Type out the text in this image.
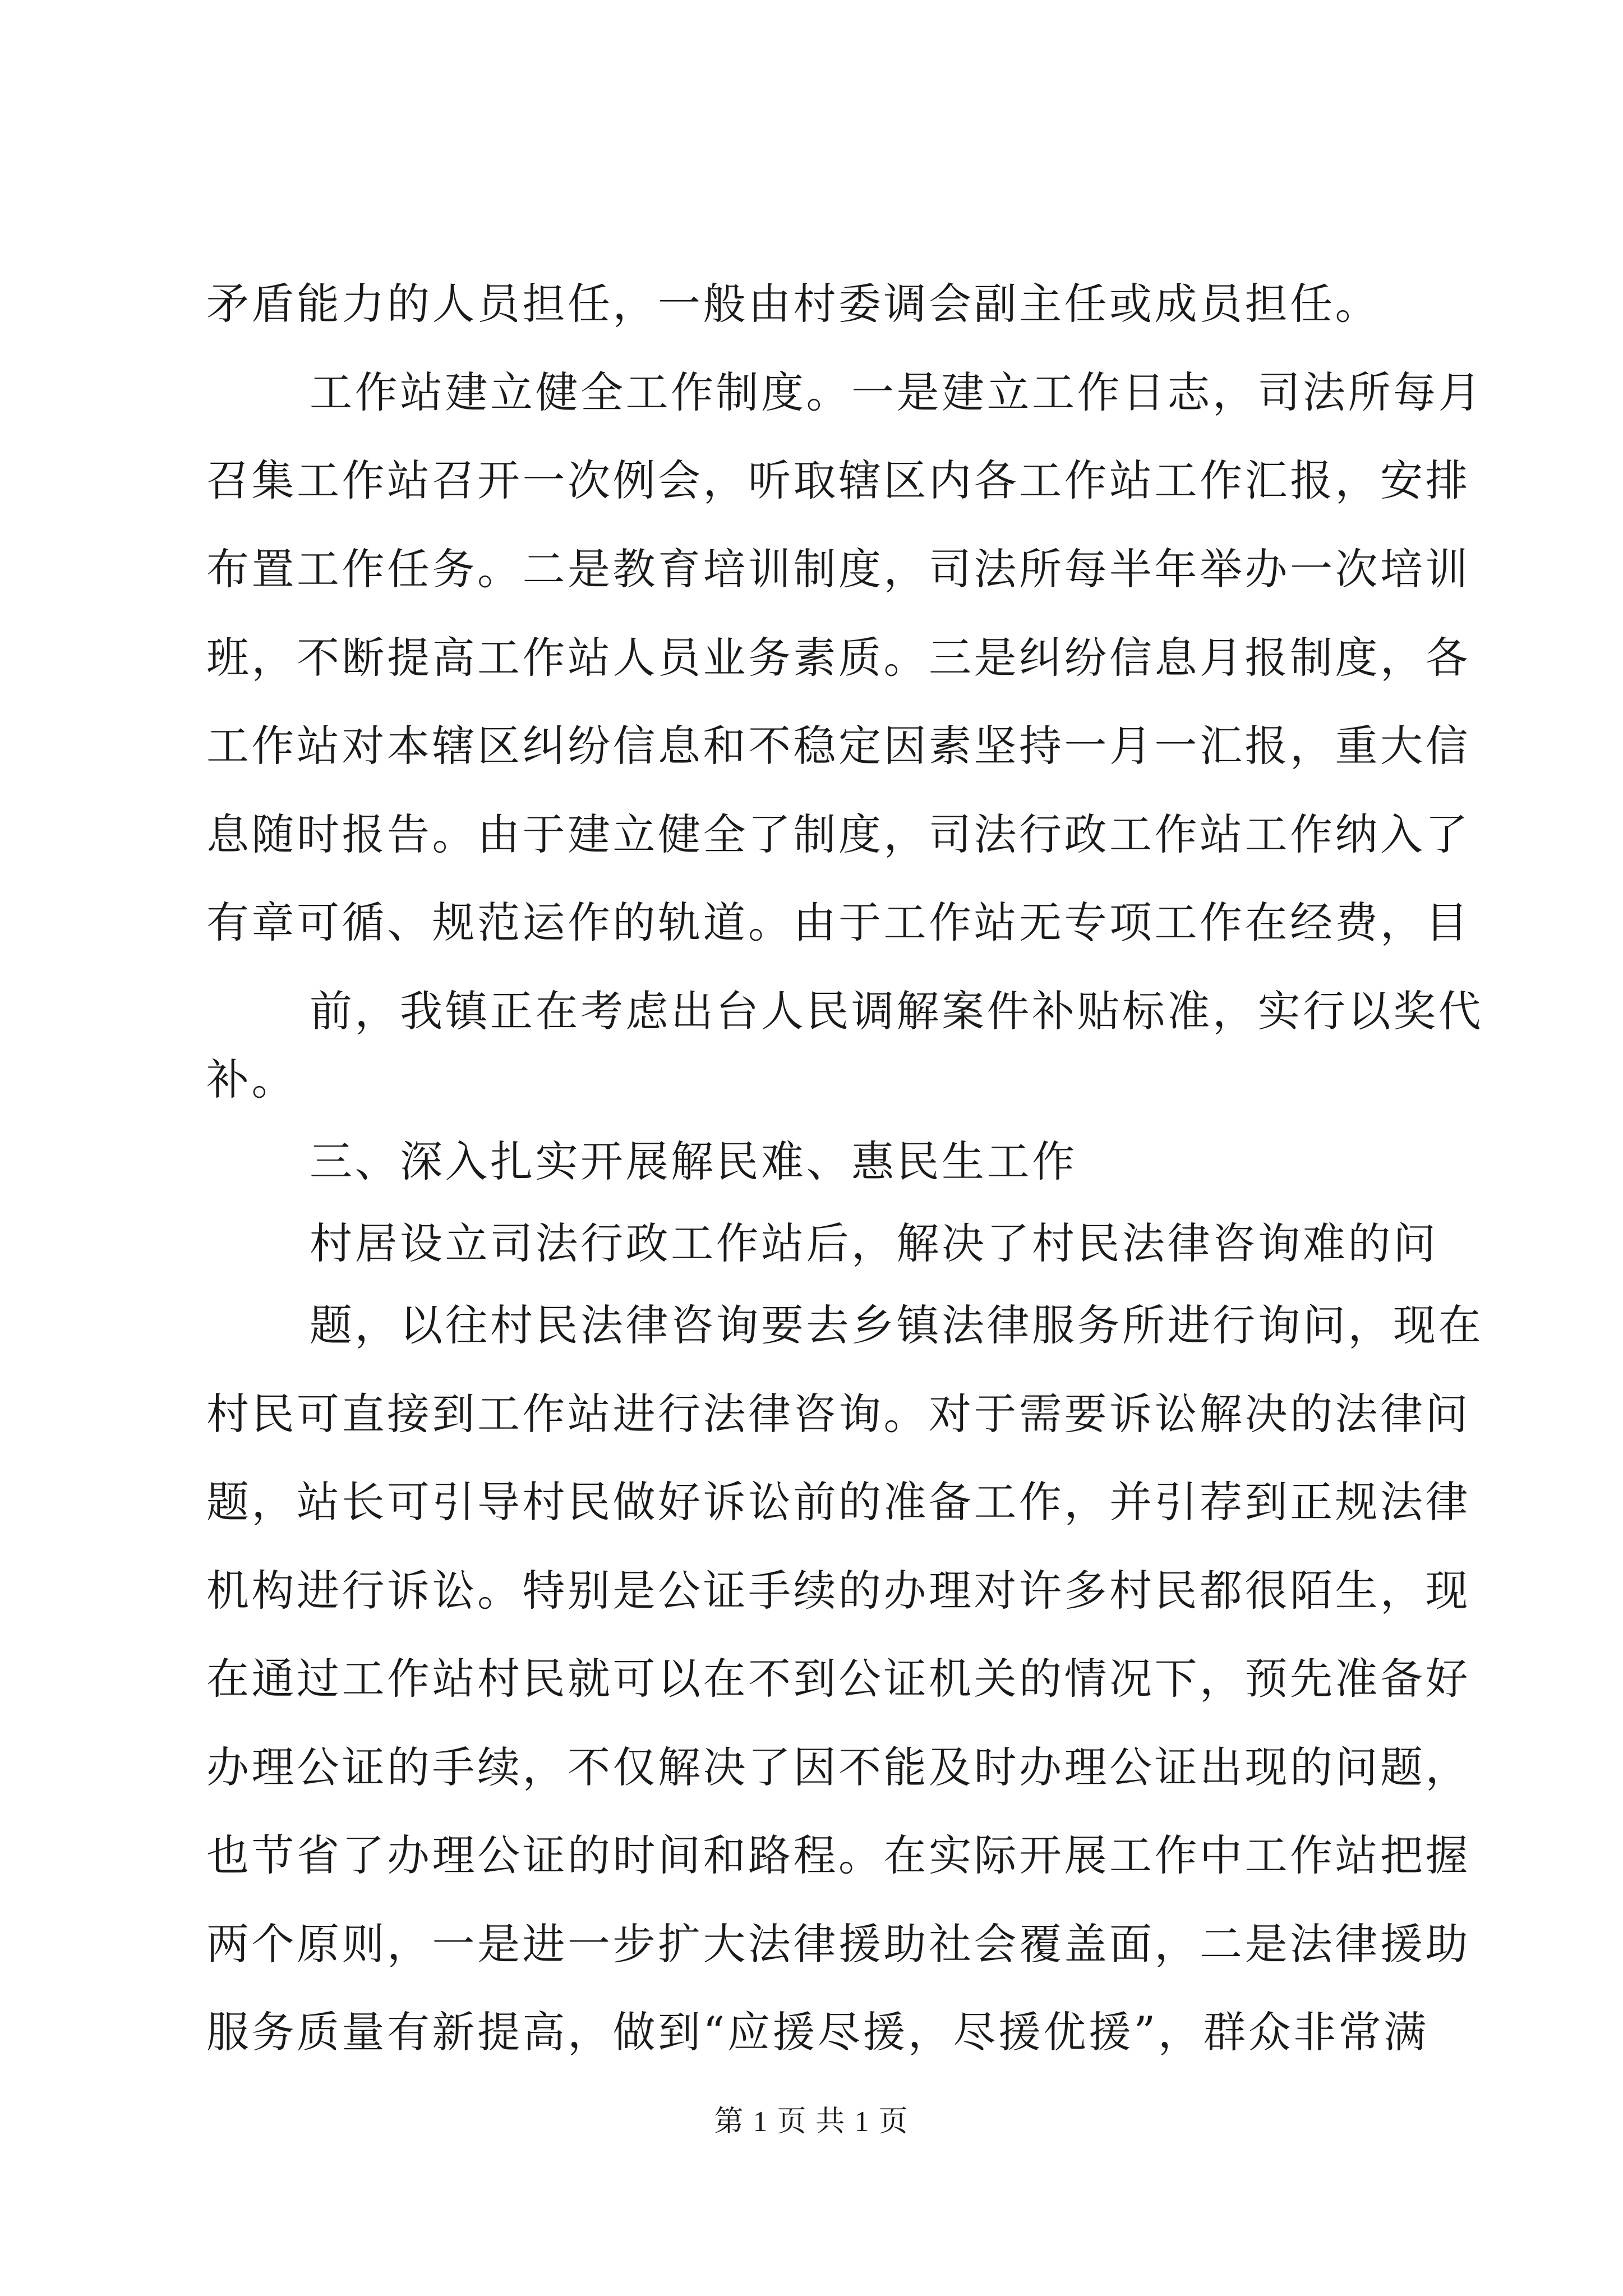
矛盾能力的人员担任，一般由村委调会副主任或成员担任。
工作站建立健全工作制度。一是建立工作日志，司法所每月
召集工作站召开一次例会，听取辖区内各工作站工作汇报，安排
布置工作任务。二是教育培训制度，司法所每半年举办一次培训
班，不断提高工作站人员业务素质。三是纠纷信息月报制度，各
工作站对本辖区纠纷信息和不稳定因素坚持一月一汇报，重大信
息随时报告。由于建立健全了制度，司法行政工作站工作纳入了
有章可循、规范运作的轨道。由于工作站无专项工作在经费，目
前，我镇正在考虑出台人民调解案件补贴标准，实行以奖代
补。
三、深入扎实开展解民难、惠民生工作
村居设立司法行政工作站后，解决了村民法律咨询难的问
题，以往村民法律咨询要去乡镇法律服务所进行询问，现在
村民可直接到工作站进行法律咨询。对于需要诉讼解决的法律问
题，站长可引导村民做好诉讼前的准备工作，并引荐到正规法律
机构进行诉讼。特别是公证手续的办理对许多村民都很陌生，现
在通过工作站村民就可以在不到公证机关的情况下，预先准备好
办理公证的手续，不仅解决了因不能及时办理公证出现的问题，
也节省了办理公证的时间和路程。在实际开展工作中工作站把握
两个原则，一是进一步扩大法律援助社会覆盖面，二是法律援助
服务质量有新提高，做到“应援尽援，尽援优援”，群众非常满
第 1 页 共 1 页
